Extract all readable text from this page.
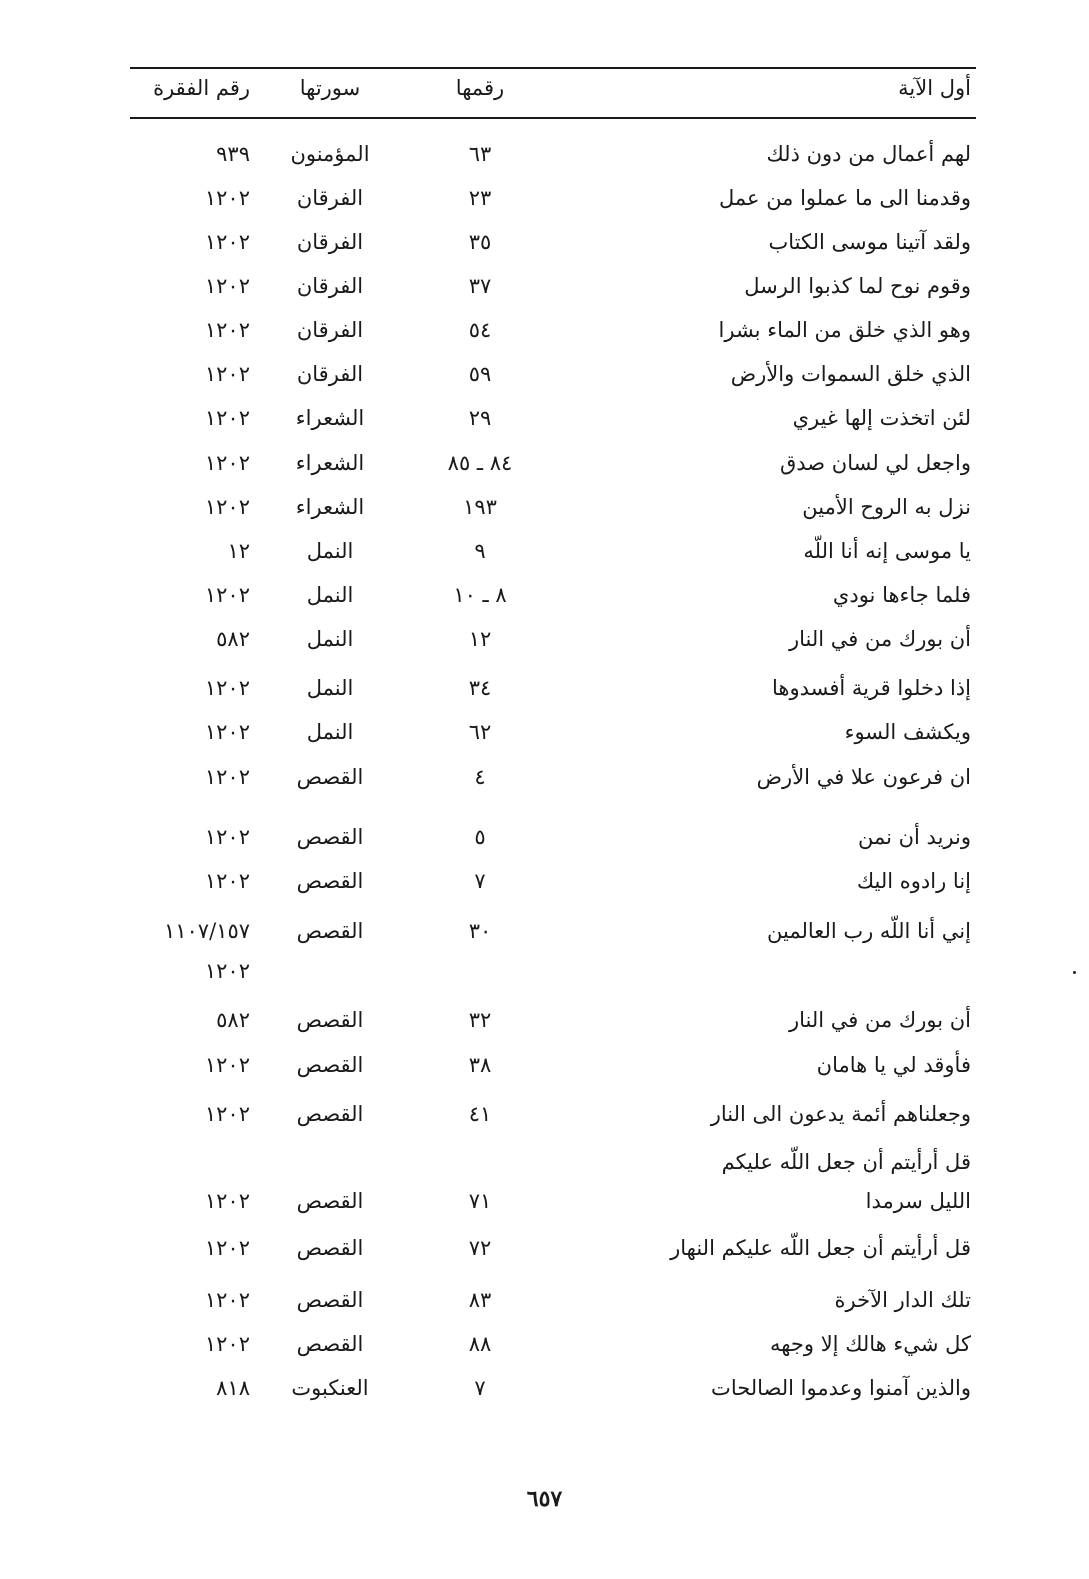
أول الآية
رقمها
سورتها
رقم الفقرة
لهم أعمال من دون ذلك
٦٣
المؤمنون
٩٣٩
وقدمنا الى ما عملوا من عمل
٢٣
الفرقان
١٢٠٢
ولقد آتينا موسى الكتاب
٣٥
الفرقان
١٢٠٢
وقوم نوح لما كذبوا الرسل
٣٧
الفرقان
١٢٠٢
وهو الذي خلق من الماء بشرا
٥٤
الفرقان
١٢٠٢
الذي خلق السموات والأرض
٥٩
الفرقان
١٢٠٢
لئن اتخذت إلها غيري
٢٩
الشعراء
١٢٠٢
واجعل لي لسان صدق
٨٤ ـ ٨٥
الشعراء
١٢٠٢
نزل به الروح الأمين
١٩٣
الشعراء
١٢٠٢
يا موسى إنه أنا اللّه
٩
النمل
١٢
فلما جاءها نودي
٨ ـ ١٠
النمل
١٢٠٢
أن بورك من في النار
١٢
النمل
٥٨٢
إذا دخلوا قرية أفسدوها
٣٤
النمل
١٢٠٢
ويكشف السوء
٦٢
النمل
١٢٠٢
ان فرعون علا في الأرض
٤
القصص
١٢٠٢
ونريد أن نمن
٥
القصص
١٢٠٢
إنا رادوه اليك
٧
القصص
١٢٠٢
إني أنا اللّه رب العالمين
٣٠
القصص
١١٠٧/١٥٧
١٢٠٢
أن بورك من في النار
٣٢
القصص
٥٨٢
فأوقد لي يا هامان
٣٨
القصص
١٢٠٢
وجعلناهم أئمة يدعون الى النار
٤١
القصص
١٢٠٢
قل أرأيتم أن جعل اللّه عليكم
الليل سرمدا
٧١
القصص
١٢٠٢
قل أرأيتم أن جعل اللّه عليكم النهار
٧٢
القصص
١٢٠٢
تلك الدار الآخرة
٨٣
القصص
١٢٠٢
كل شيء هالك إلا وجهه
٨٨
القصص
١٢٠٢
والذين آمنوا وعدموا الصالحات
٧
العنكبوت
٨١٨
٦٥٧
